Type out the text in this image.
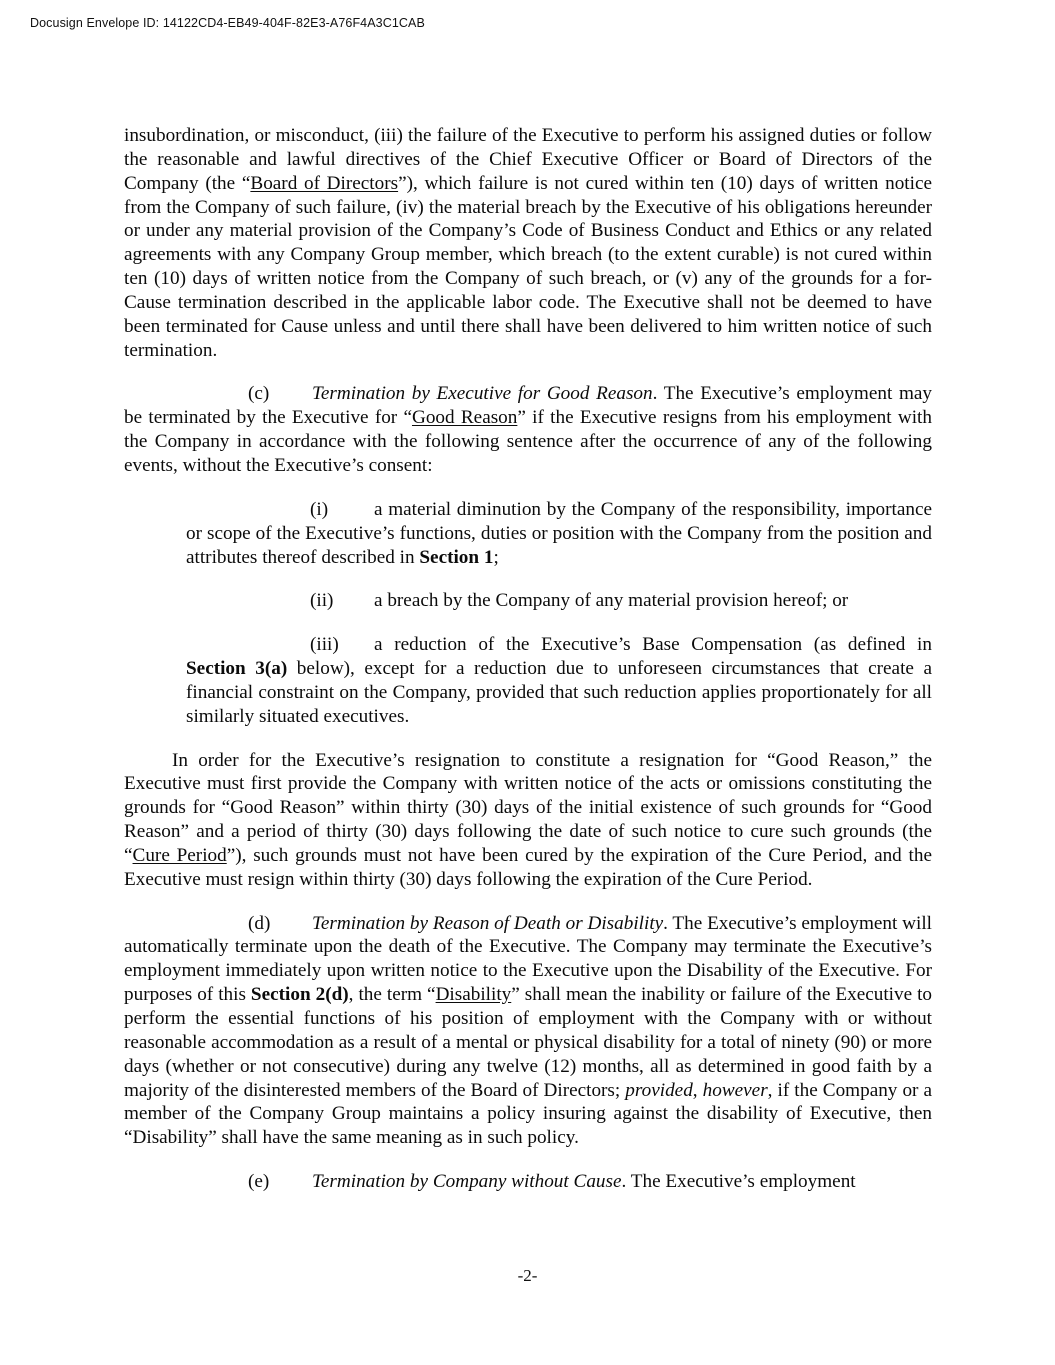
Docusign Envelope ID: 14122CD4-EB49-404F-82E3-A76F4A3C1CAB

insubordination, or misconduct, (iii) the failure of the Executive to perform his assigned duties or follow the reasonable and lawful directives of the Chief Executive Officer or Board of Directors of the Company (the “Board of Directors”), which failure is not cured within ten (10) days of written notice from the Company of such failure, (iv) the material breach by the Executive of his obligations hereunder or under any material provision of the Company’s Code of Business Conduct and Ethics or any related agreements with any Company Group member, which breach (to the extent curable) is not cured within ten (10) days of written notice from the Company of such breach, or (v) any of the grounds for a for-Cause termination described in the applicable labor code. The Executive shall not be deemed to have been terminated for Cause unless and until there shall have been delivered to him written notice of such termination.

(c) Termination by Executive for Good Reason. The Executive’s employment may be terminated by the Executive for “Good Reason” if the Executive resigns from his employment with the Company in accordance with the following sentence after the occurrence of any of the following events, without the Executive’s consent:

(i) a material diminution by the Company of the responsibility, importance or scope of the Executive’s functions, duties or position with the Company from the position and attributes thereof described in Section 1;

(ii) a breach by the Company of any material provision hereof; or

(iii) a reduction of the Executive’s Base Compensation (as defined in Section 3(a) below), except for a reduction due to unforeseen circumstances that create a financial constraint on the Company, provided that such reduction applies proportionately for all similarly situated executives.

In order for the Executive’s resignation to constitute a resignation for “Good Reason,” the Executive must first provide the Company with written notice of the acts or omissions constituting the grounds for “Good Reason” within thirty (30) days of the initial existence of such grounds for “Good Reason” and a period of thirty (30) days following the date of such notice to cure such grounds (the “Cure Period”), such grounds must not have been cured by the expiration of the Cure Period, and the Executive must resign within thirty (30) days following the expiration of the Cure Period.

(d) Termination by Reason of Death or Disability. The Executive’s employment will automatically terminate upon the death of the Executive. The Company may terminate the Executive’s employment immediately upon written notice to the Executive upon the Disability of the Executive. For purposes of this Section 2(d), the term “Disability” shall mean the inability or failure of the Executive to perform the essential functions of his position of employment with the Company with or without reasonable accommodation as a result of a mental or physical disability for a total of ninety (90) or more days (whether or not consecutive) during any twelve (12) months, all as determined in good faith by a majority of the disinterested members of the Board of Directors; provided, however, if the Company or a member of the Company Group maintains a policy insuring against the disability of Executive, then “Disability” shall have the same meaning as in such policy.

(e) Termination by Company without Cause. The Executive’s employment

-2-
